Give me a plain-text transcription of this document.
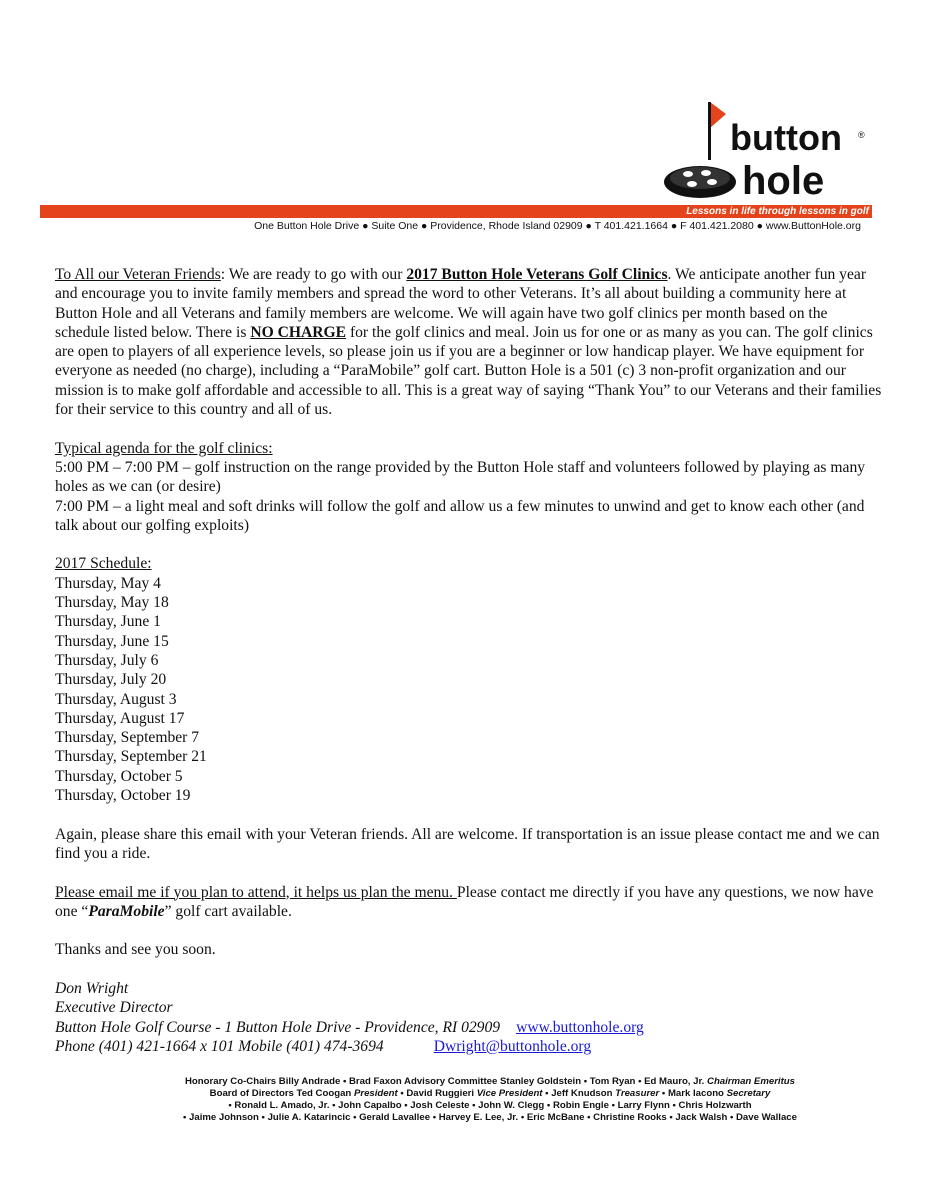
button ®
hole
Lessons in life through lessons in golf
One Button Hole Drive ● Suite One ● Providence, Rhode Island 02909 ● T 401.421.1664 ● F 401.421.2080 ● www.ButtonHole.org

To All our Veteran Friends: We are ready to go with our 2017 Button Hole Veterans Golf Clinics. We anticipate another fun year and encourage you to invite family members and spread the word to other Veterans. It’s all about building a community here at Button Hole and all Veterans and family members are welcome. We will again have two golf clinics per month based on the schedule listed below. There is NO CHARGE for the golf clinics and meal. Join us for one or as many as you can. The golf clinics are open to players of all experience levels, so please join us if you are a beginner or low handicap player. We have equipment for everyone as needed (no charge), including a “ParaMobile” golf cart. Button Hole is a 501 (c) 3 non-profit organization and our mission is to make golf affordable and accessible to all. This is a great way of saying “Thank You” to our Veterans and their families for their service to this country and all of us.

Typical agenda for the golf clinics:

5:00 PM – 7:00 PM – golf instruction on the range provided by the Button Hole staff and volunteers followed by playing as many holes as we can (or desire)

7:00 PM – a light meal and soft drinks will follow the golf and allow us a few minutes to unwind and get to know each other (and talk about our golfing exploits)

2017 Schedule:

Thursday, May 4

Thursday, May 18

Thursday, June 1

Thursday, June 15

Thursday, July 6

Thursday, July 20

Thursday, August 3

Thursday, August 17

Thursday, September 7

Thursday, September 21

Thursday, October 5

Thursday, October 19

Again, please share this email with your Veteran friends. All are welcome. If transportation is an issue please contact me and we can find you a ride.

Please email me if you plan to attend, it helps us plan the menu. Please contact me directly if you have any questions, we now have one “ParaMobile” golf cart available.

Thanks and see you soon.

Don Wright

Executive Director

Button Hole Golf Course - 1 Button Hole Drive - Providence, RI 02909 www.buttonhole.org

Phone (401) 421-1664 x 101 Mobile (401) 474-3694	Dwright@buttonhole.org

Honorary Co-Chairs Billy Andrade • Brad Faxon Advisory Committee Stanley Goldstein • Tom Ryan • Ed Mauro, Jr. Chairman Emeritus
Board of Directors Ted Coogan President • David Ruggieri Vice President • Jeff Knudson Treasurer • Mark Iacono Secretary
• Ronald L. Amado, Jr. • John Capalbo • Josh Celeste • John W. Clegg • Robin Engle • Larry Flynn • Chris Holzwarth
• Jaime Johnson • Julie A. Katarincic • Gerald Lavallee • Harvey E. Lee, Jr. • Eric McBane • Christine Rooks • Jack Walsh • Dave Wallace
